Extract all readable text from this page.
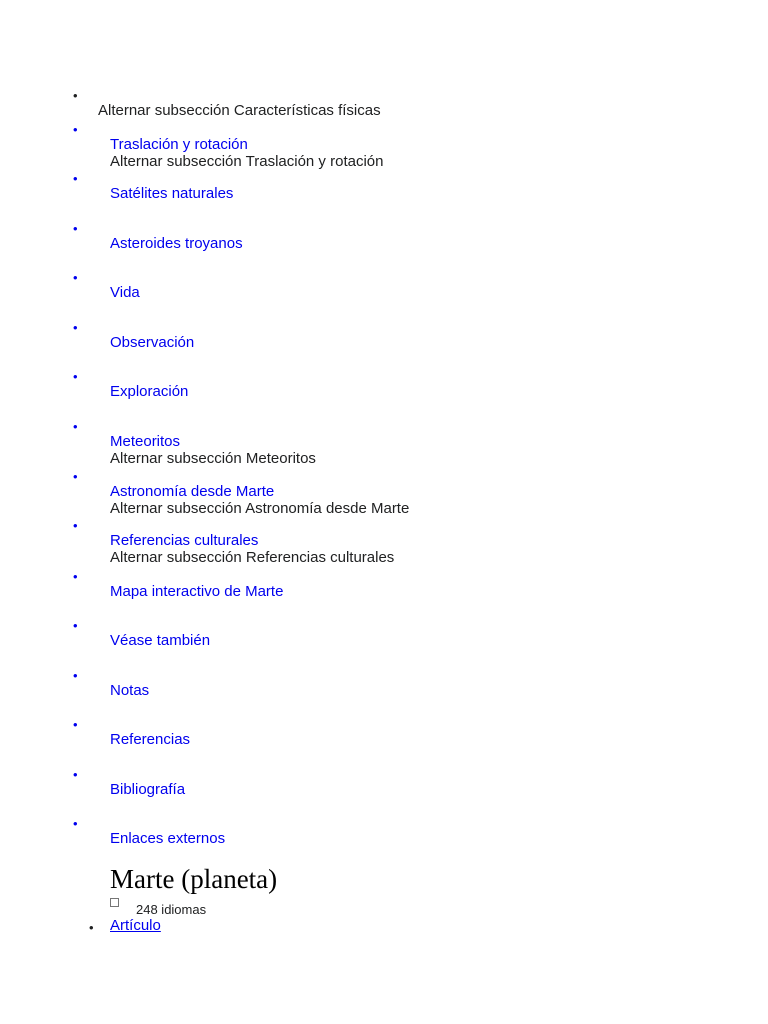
•
Alternar subsección Características físicas
•
Traslación y rotación
Alternar subsección Traslación y rotación
•
Satélites naturales
•
Asteroides troyanos
•
Vida
•
Observación
•
Exploración
•
Meteoritos
Alternar subsección Meteoritos
•
Astronomía desde Marte
Alternar subsección Astronomía desde Marte
•
Referencias culturales
Alternar subsección Referencias culturales
•
Mapa interactivo de Marte
•
Véase también
•
Notas
•
Referencias
•
Bibliografía
•
Enlaces externos
Marte (planeta)
248 idiomas
• Artículo
